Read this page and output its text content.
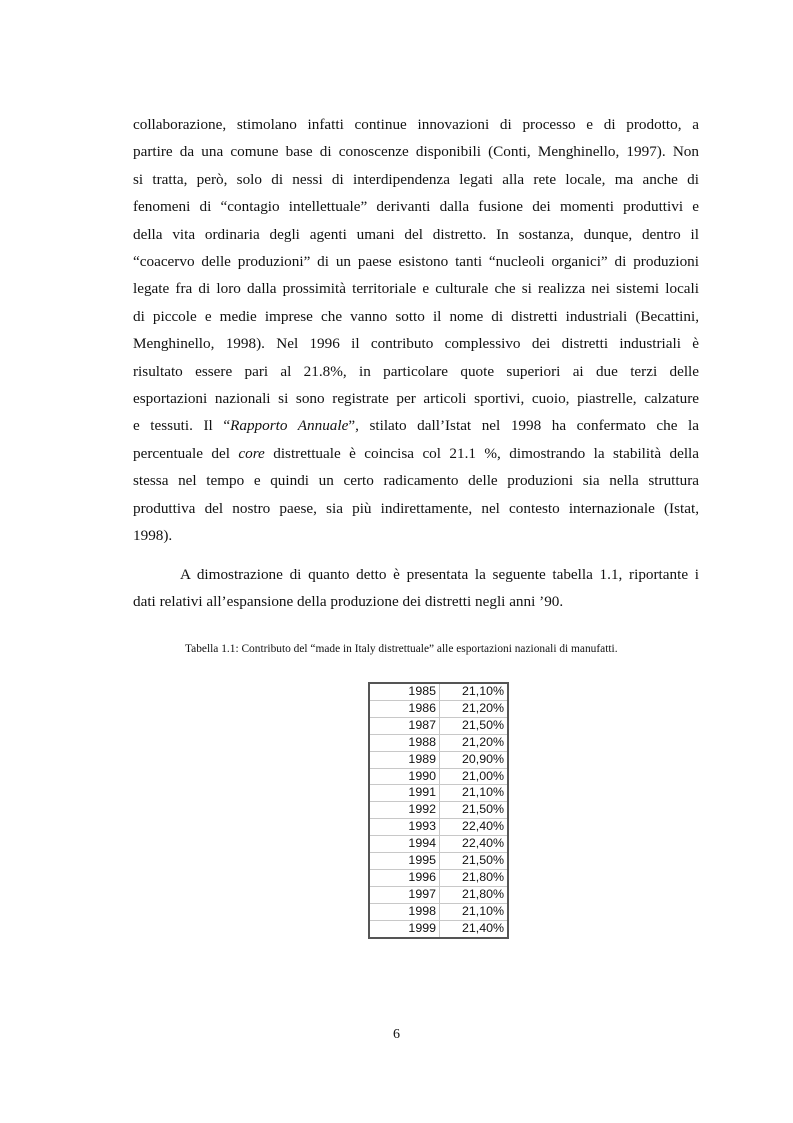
collaborazione, stimolano infatti continue innovazioni di processo e di prodotto, a
partire da una comune base di conoscenze disponibili (Conti, Menghinello, 1997). Non
si tratta, però, solo di nessi di interdipendenza legati alla rete locale, ma anche di
fenomeni di “contagio intellettuale” derivanti dalla fusione dei momenti produttivi e
della vita ordinaria degli agenti umani del distretto. In sostanza, dunque, dentro il
“coacervo delle produzioni” di un paese esistono tanti “nucleoli organici” di produzioni
legate fra di loro dalla prossimità territoriale e culturale che si realizza nei sistemi locali
di piccole e medie imprese che vanno sotto il nome di distretti industriali (Becattini,
Menghinello, 1998). Nel 1996 il contributo complessivo dei distretti industriali è
risultato essere pari al 21.8%, in particolare quote superiori ai due terzi delle
esportazioni nazionali si sono registrate per articoli sportivi, cuoio, piastrelle, calzature
e tessuti. Il “Rapporto Annuale”, stilato dall’Istat nel 1998 ha confermato che la
percentuale del core distrettuale è coincisa col 21.1 %, dimostrando la stabilità della
stessa nel tempo e quindi un certo radicamento delle produzioni sia nella struttura
produttiva del nostro paese, sia più indirettamente, nel contesto internazionale (Istat,
1998).
A dimostrazione di quanto detto è presentata la seguente tabella 1.1, riportante i
dati relativi all’espansione della produzione dei distretti negli anni ’90.
Tabella 1.1: Contributo del “made in Italy distrettuale” alle esportazioni nazionali di manufatti.
1985	21,10%
1986	21,20%
1987	21,50%
1988	21,20%
1989	20,90%
1990	21,00%
1991	21,10%
1992	21,50%
1993	22,40%
1994	22,40%
1995	21,50%
1996	21,80%
1997	21,80%
1998	21,10%
1999	21,40%
6
